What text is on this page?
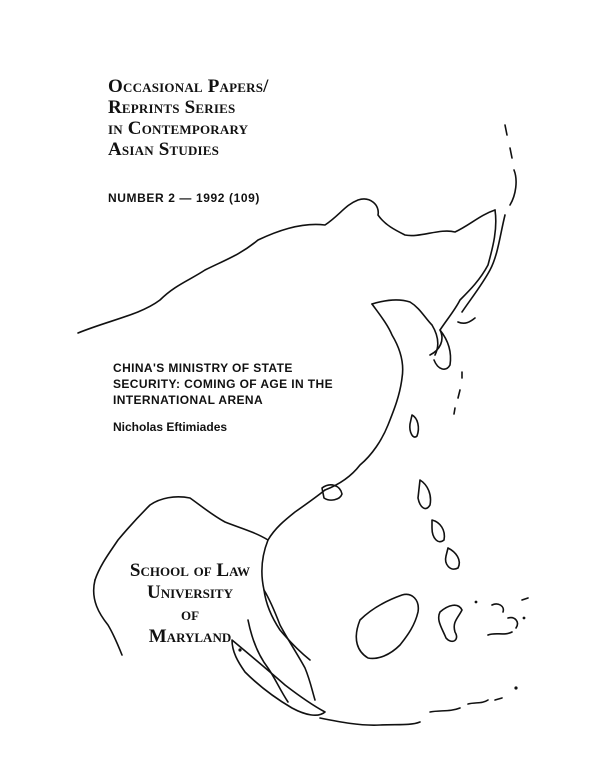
Occasional Papers/
Reprints Series
in Contemporary
Asian Studies
NUMBER 2 — 1992 (109)
CHINA'S MINISTRY OF STATE
SECURITY: COMING OF AGE IN THE
INTERNATIONAL ARENA
Nicholas Eftimiades
School of Law
University
of
Maryland
